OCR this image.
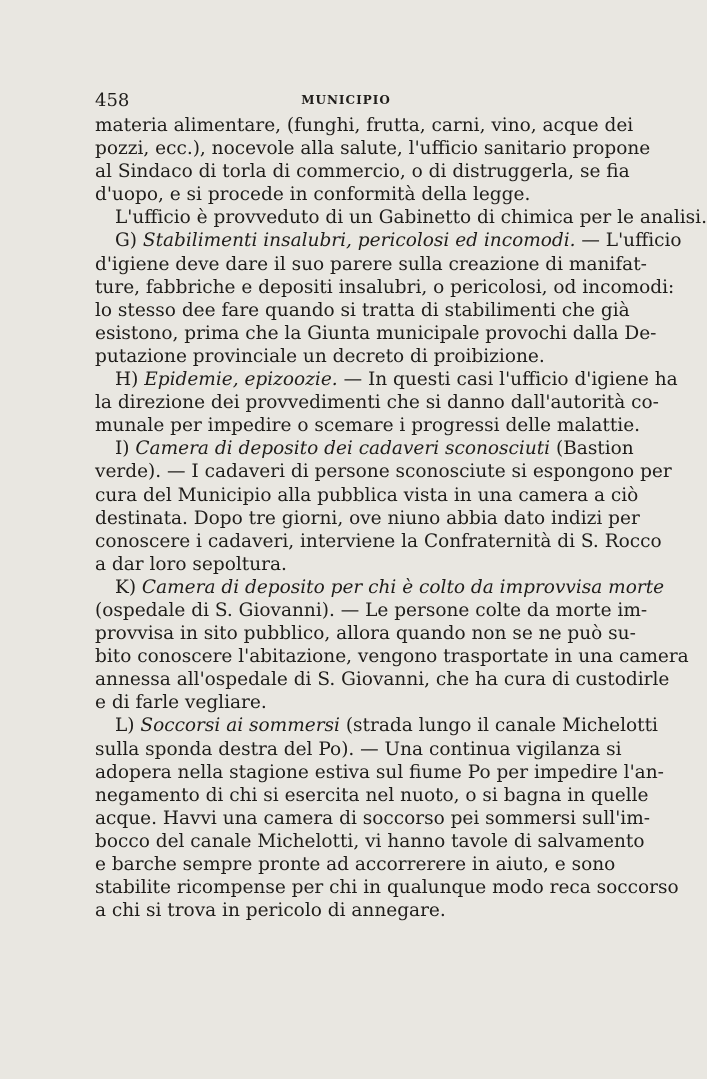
458	MUNICIPIO
materia alimentare, (funghi, frutta, carni, vino, acque dei
pozzi, ecc.), nocevole alla salute, l'ufficio sanitario propone
al Sindaco di torla di commercio, o di distruggerla, se fia
d'uopo, e si procede in conformità della legge.
L'ufficio è provveduto di un Gabinetto di chimica per le analisi.
G) Stabilimenti insalubri, pericolosi ed incomodi. — L'ufficio
d'igiene deve dare il suo parere sulla creazione di manifat-
ture, fabbriche e depositi insalubri, o pericolosi, od incomodi:
lo stesso dee fare quando si tratta di stabilimenti che già
esistono, prima che la Giunta municipale provochi dalla De-
putazione provinciale un decreto di proibizione.
H) Epidemie, epizoozie. — In questi casi l'ufficio d'igiene ha
la direzione dei provvedimenti che si danno dall'autorità co-
munale per impedire o scemare i progressi delle malattie.
I) Camera di deposito dei cadaveri sconosciuti (Bastion
verde). — I cadaveri di persone sconosciute si espongono per
cura del Municipio alla pubblica vista in una camera a ciò
destinata. Dopo tre giorni, ove niuno abbia dato indizi per
conoscere i cadaveri, interviene la Confraternità di S. Rocco
a dar loro sepoltura.
K) Camera di deposito per chi è colto da improvvisa morte
(ospedale di S. Giovanni). — Le persone colte da morte im-
provvisa in sito pubblico, allora quando non se ne può su-
bito conoscere l'abitazione, vengono trasportate in una camera
annessa all'ospedale di S. Giovanni, che ha cura di custodirle
e di farle vegliare.
L) Soccorsi ai sommersi (strada lungo il canale Michelotti
sulla sponda destra del Po). — Una continua vigilanza si
adopera nella stagione estiva sul fiume Po per impedire l'an-
negamento di chi si esercita nel nuoto, o si bagna in quelle
acque. Havvi una camera di soccorso pei sommersi sull'im-
bocco del canale Michelotti, vi hanno tavole di salvamento
e barche sempre pronte ad accorrerere in aiuto, e sono
stabilite ricompense per chi in qualunque modo reca soccorso
a chi si trova in pericolo di annegare.
